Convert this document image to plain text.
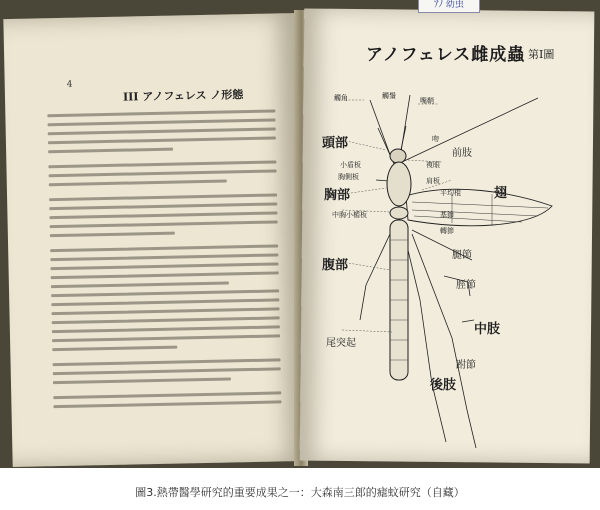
4
III アノフェレス ノ形態
ｱﾉ 幼虫
アノフェレス雌成蟲 第Ⅰ圖
觸角	觸鬚
嘴鞘
吻
頭部
前肢
小盾板	複眼
胸側板	肩板
胸部	平均棍	翅
中胸小楯板	基節
轉節
腿節
腹部
脛節
中肢
尾突起
跗節
後肢
圖3.熱帶醫學研究的重要成果之一：大森南三郎的瘧蚊研究（自藏）
